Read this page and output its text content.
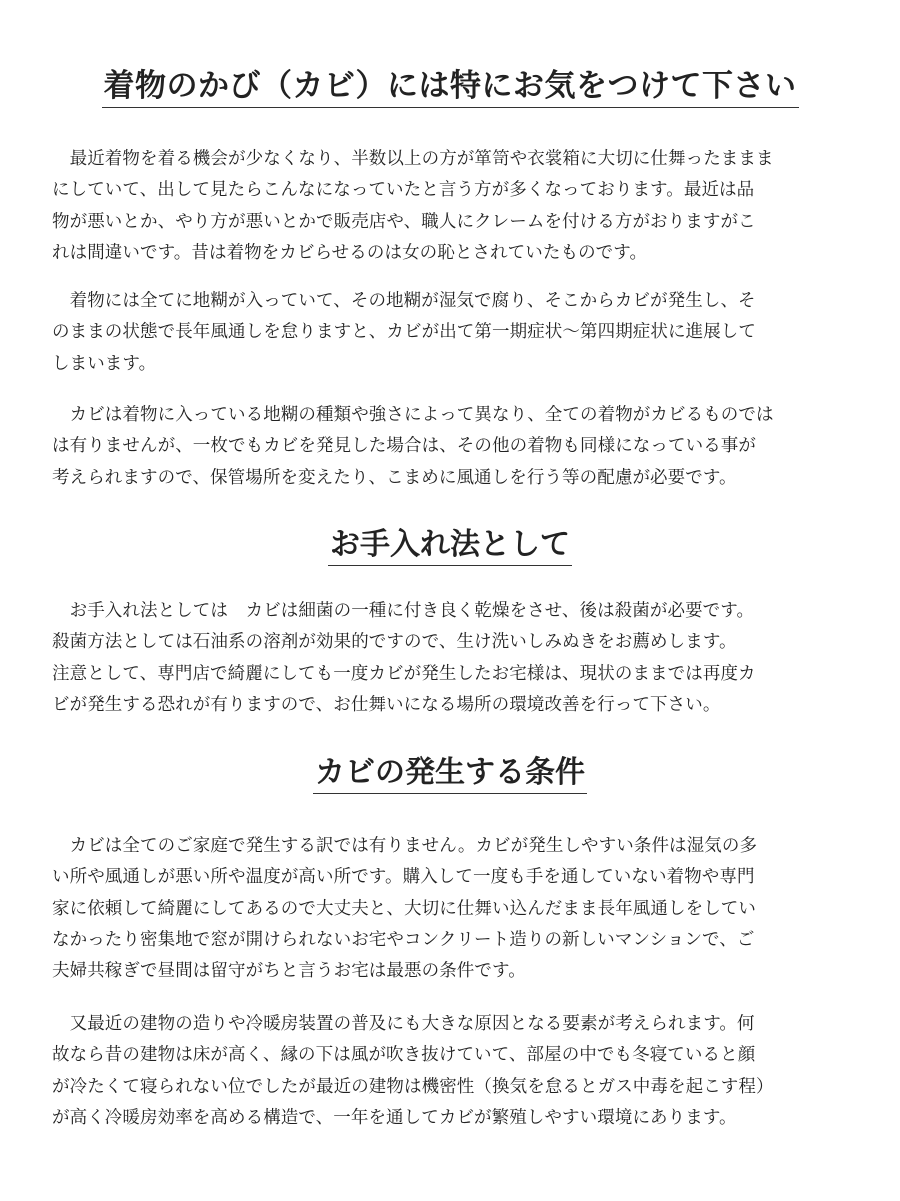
着物のかび（カビ）には特にお気をつけて下さい

　最近着物を着る機会が少なくなり、半数以上の方が箪笥や衣裳箱に大切に仕舞ったままま
にしていて、出して見たらこんなになっていたと言う方が多くなっております。最近は品
物が悪いとか、やり方が悪いとかで販売店や、職人にクレームを付ける方がおりますがこ
れは間違いです。昔は着物をカビらせるのは女の恥とされていたものです。

　着物には全てに地糊が入っていて、その地糊が湿気で腐り、そこからカビが発生し、そ
のままの状態で長年風通しを怠りますと、カビが出て第一期症状～第四期症状に進展して
しまいます。

　カビは着物に入っている地糊の種類や強さによって異なり、全ての着物がカビるものでは
は有りませんが、一枚でもカビを発見した場合は、その他の着物も同様になっている事が
考えられますので、保管場所を変えたり、こまめに風通しを行う等の配慮が必要です。

お手入れ法として

　お手入れ法としては　カビは細菌の一種に付き良く乾燥をさせ、後は殺菌が必要です。
殺菌方法としては石油系の溶剤が効果的ですので、生け洗いしみぬきをお薦めします。
注意として、専門店で綺麗にしても一度カビが発生したお宅様は、現状のままでは再度カ
ビが発生する恐れが有りますので、お仕舞いになる場所の環境改善を行って下さい。

カビの発生する条件

　カビは全てのご家庭で発生する訳では有りません。カビが発生しやすい条件は湿気の多
い所や風通しが悪い所や温度が高い所です。購入して一度も手を通していない着物や専門
家に依頼して綺麗にしてあるので大丈夫と、大切に仕舞い込んだまま長年風通しをしてい
なかったり密集地で窓が開けられないお宅やコンクリート造りの新しいマンションで、ご
夫婦共稼ぎで昼間は留守がちと言うお宅は最悪の条件です。

　又最近の建物の造りや冷暖房装置の普及にも大きな原因となる要素が考えられます。何
故なら昔の建物は床が高く、縁の下は風が吹き抜けていて、部屋の中でも冬寝ていると顔
が冷たくて寝られない位でしたが最近の建物は機密性（換気を怠るとガス中毒を起こす程）
が高く冷暖房効率を高める構造で、一年を通してカビが繁殖しやすい環境にあります。
